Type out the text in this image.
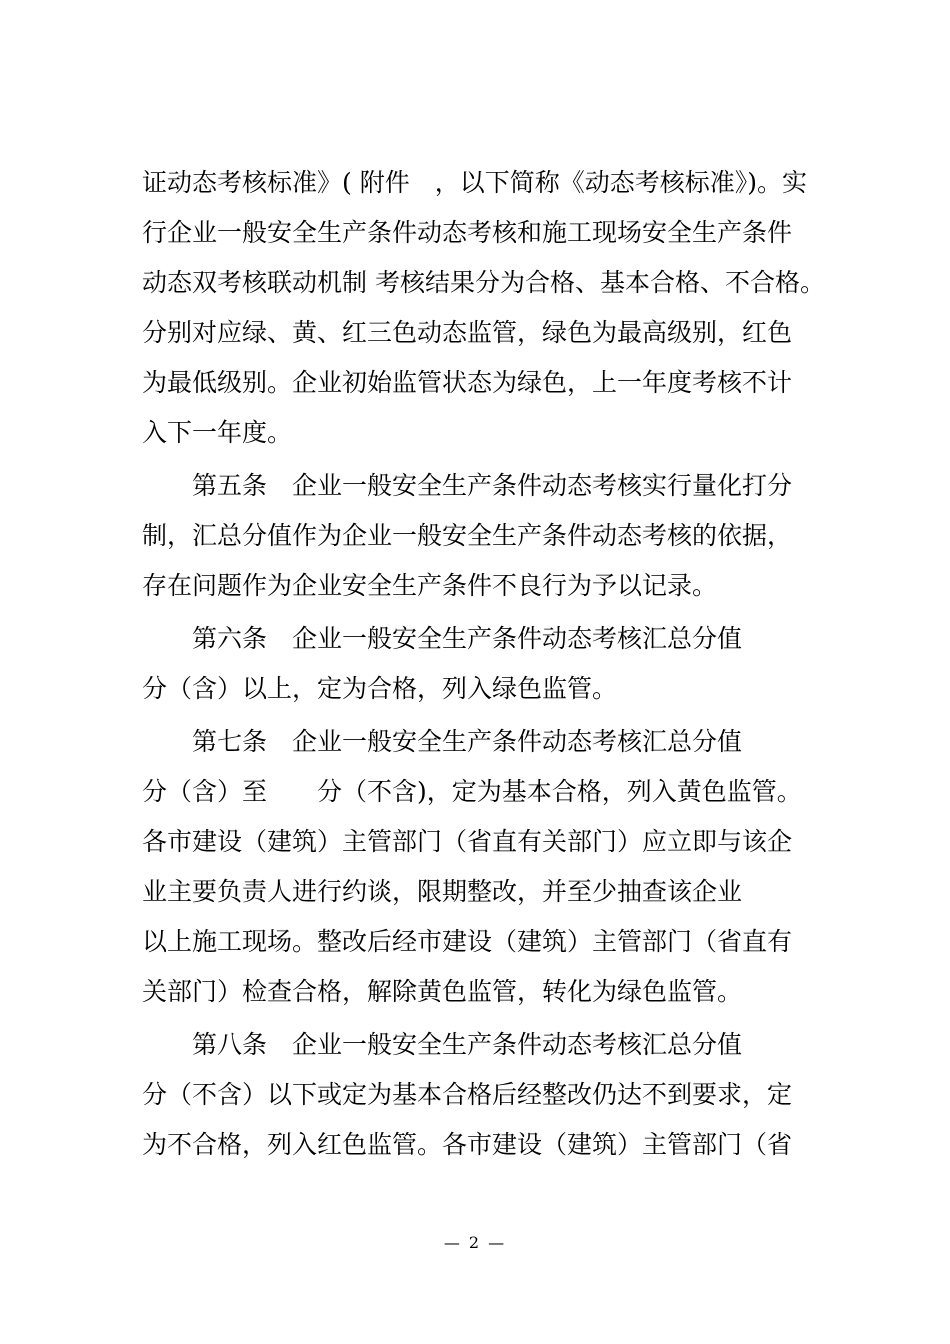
证动态考核标准》( 附件　，以下简称《动态考核标准》)。实
行企业一般安全生产条件动态考核和施工现场安全生产条件
动态双考核联动机制 考核结果分为合格、基本合格、不合格。
分别对应绿、黄、红三色动态监管，绿色为最高级别，红色
为最低级别。企业初始监管状态为绿色，上一年度考核不计
入下一年度。
　　第五条　企业一般安全生产条件动态考核实行量化打分
制，汇总分值作为企业一般安全生产条件动态考核的依据，
存在问题作为企业安全生产条件不良行为予以记录。
　　第六条　企业一般安全生产条件动态考核汇总分值
分（含）以上，定为合格，列入绿色监管。
　　第七条　企业一般安全生产条件动态考核汇总分值
分（含）至　　分（不含)，定为基本合格，列入黄色监管。
各市建设（建筑）主管部门（省直有关部门）应立即与该企
业主要负责人进行约谈，限期整改，并至少抽查该企业
以上施工现场。整改后经市建设（建筑）主管部门（省直有
关部门）检查合格，解除黄色监管，转化为绿色监管。
　　第八条　企业一般安全生产条件动态考核汇总分值
分（不含）以下或定为基本合格后经整改仍达不到要求，定
为不合格，列入红色监管。各市建设（建筑）主管部门（省
— 2 —
